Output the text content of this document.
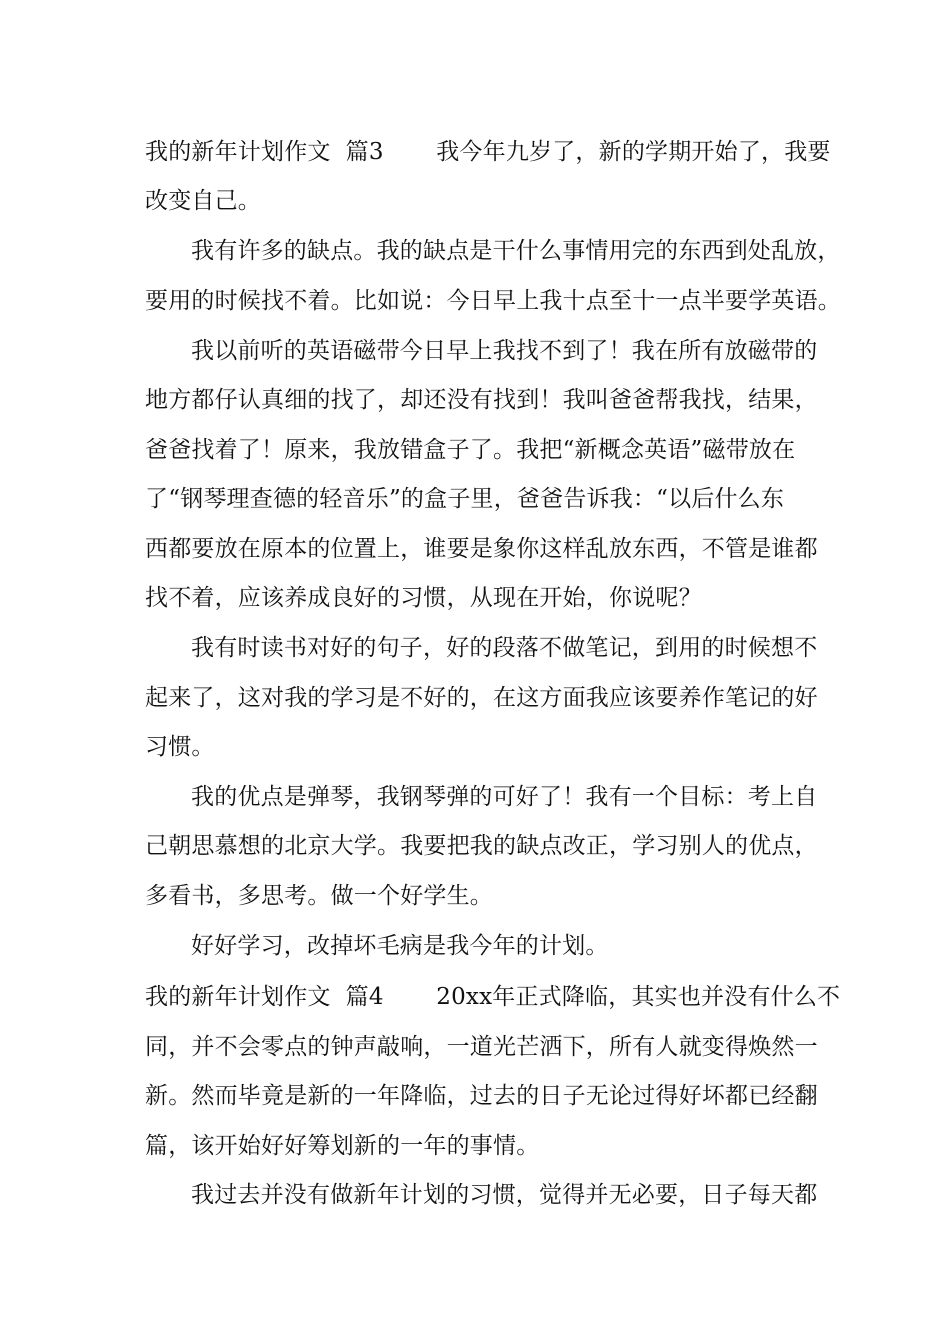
我的新年计划作文  篇3       我今年九岁了，新的学期开始了，我要
改变自己。
我有许多的缺点。我的缺点是干什么事情用完的东西到处乱放，
要用的时候找不着。比如说：今日早上我十点至十一点半要学英语。
我以前听的英语磁带今日早上我找不到了！我在所有放磁带的
地方都仔认真细的找了，却还没有找到！我叫爸爸帮我找，结果，
爸爸找着了！原来，我放错盒子了。我把“新概念英语”磁带放在
了“钢琴理查德的轻音乐”的盒子里，爸爸告诉我：“以后什么东
西都要放在原本的位置上，谁要是象你这样乱放东西，不管是谁都
找不着，应该养成良好的习惯，从现在开始，你说呢？
我有时读书对好的句子，好的段落不做笔记，到用的时候想不
起来了，这对我的学习是不好的，在这方面我应该要养作笔记的好
习惯。
我的优点是弹琴，我钢琴弹的可好了！我有一个目标：考上自
己朝思慕想的北京大学。我要把我的缺点改正，学习别人的优点，
多看书，多思考。做一个好学生。
好好学习，改掉坏毛病是我今年的计划。
我的新年计划作文  篇4       20xx年正式降临，其实也并没有什么不
同，并不会零点的钟声敲响，一道光芒洒下，所有人就变得焕然一
新。然而毕竟是新的一年降临，过去的日子无论过得好坏都已经翻
篇，该开始好好筹划新的一年的事情。
我过去并没有做新年计划的习惯，觉得并无必要，日子每天都
